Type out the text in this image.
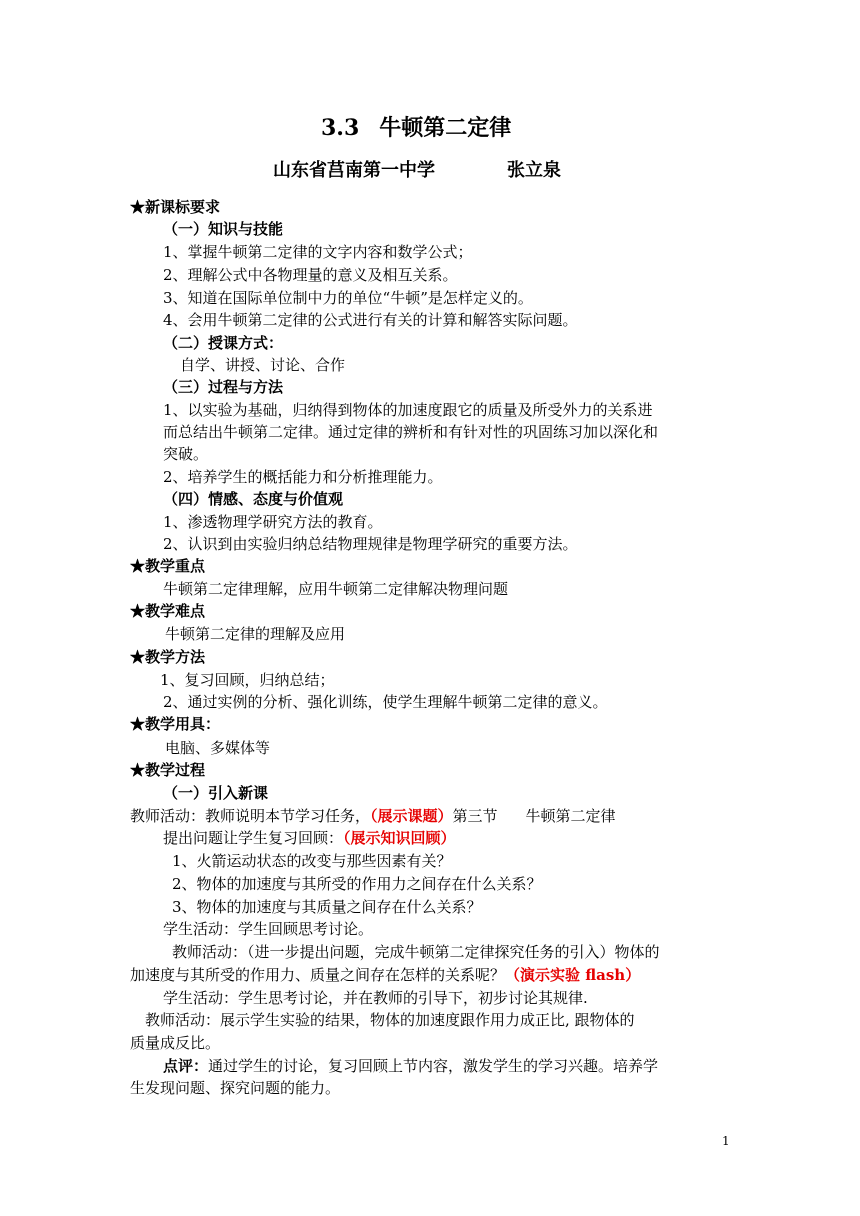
3.3 牛顿第二定律
山东省莒南第一中学	张立泉
★新课标要求
（一）知识与技能
1、掌握牛顿第二定律的文字内容和数学公式；
2、理解公式中各物理量的意义及相互关系。
3、知道在国际单位制中力的单位“牛顿”是怎样定义的。
4、会用牛顿第二定律的公式进行有关的计算和解答实际问题。
（二）授课方式：
自学、讲授、讨论、合作
（三）过程与方法
1、以实验为基础，归纳得到物体的加速度跟它的质量及所受外力的关系进
而总结出牛顿第二定律。通过定律的辨析和有针对性的巩固练习加以深化和
突破。
2、培养学生的概括能力和分析推理能力。
（四）情感、态度与价值观
1、渗透物理学研究方法的教育。
2、认识到由实验归纳总结物理规律是物理学研究的重要方法。
★教学重点
牛顿第二定律理解，应用牛顿第二定律解决物理问题
★教学难点
牛顿第二定律的理解及应用
★教学方法
1、复习回顾，归纳总结；
2、通过实例的分析、强化训练，使学生理解牛顿第二定律的意义。
★教学用具：
电脑、多媒体等
★教学过程
（一）引入新课
教师活动：教师说明本节学习任务，（展示课题）第三节 牛顿第二定律
提出问题让学生复习回顾：（展示知识回顾）
1、火箭运动状态的改变与那些因素有关？
2、物体的加速度与其所受的作用力之间存在什么关系？
3、物体的加速度与其质量之间存在什么关系？
学生活动：学生回顾思考讨论。
教师活动：（进一步提出问题，完成牛顿第二定律探究任务的引入）物体的
加速度与其所受的作用力、质量之间存在怎样的关系呢？（演示实验 flash）
学生活动：学生思考讨论，并在教师的引导下，初步讨论其规律.
教师活动：展示学生实验的结果，物体的加速度跟作用力成正比, 跟物体的
质量成反比。
点评：通过学生的讨论，复习回顾上节内容，激发学生的学习兴趣。培养学
生发现问题、探究问题的能力。
1
